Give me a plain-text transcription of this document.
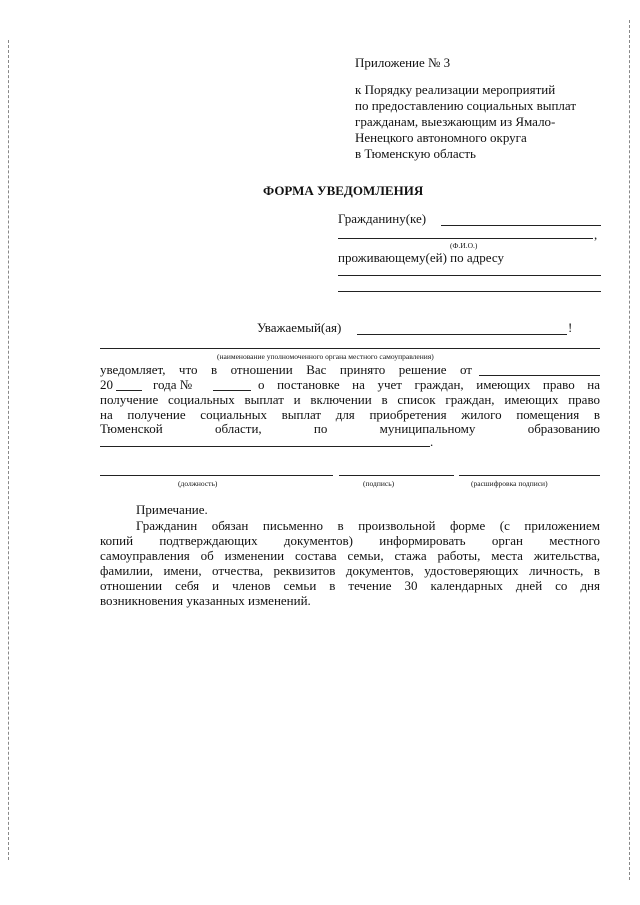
Приложение № 3
к Порядку реализации мероприятий
по предоставлению социальных выплат
гражданам, выезжающим из Ямало-
Ненецкого автономного округа
в Тюменскую область
ФОРМА УВЕДОМЛЕНИЯ
Гражданину(ке)
,
(Ф.И.О.)
проживающему(ей) по адресу
Уважаемый(ая)	!
(наименование уполномоченного органа местного самоуправления)
уведомляет, что в отношении Вас принято решение от
20	года №	о постановке на учет граждан, имеющих право на
получение социальных выплат и включении в список граждан, имеющих право
на получение социальных выплат для приобретения жилого помещения в
Тюменской области, по муниципальному образованию
.
(должность)	(подпись)	(расшифровка подписи)
Примечание.
Гражданин обязан письменно в произвольной форме (с приложением
копий подтверждающих документов) информировать орган местного
самоуправления об изменении состава семьи, стажа работы, места жительства,
фамилии, имени, отчества, реквизитов документов, удостоверяющих личность, в
отношении себя и членов семьи в течение 30 календарных дней со дня
возникновения указанных изменений.
